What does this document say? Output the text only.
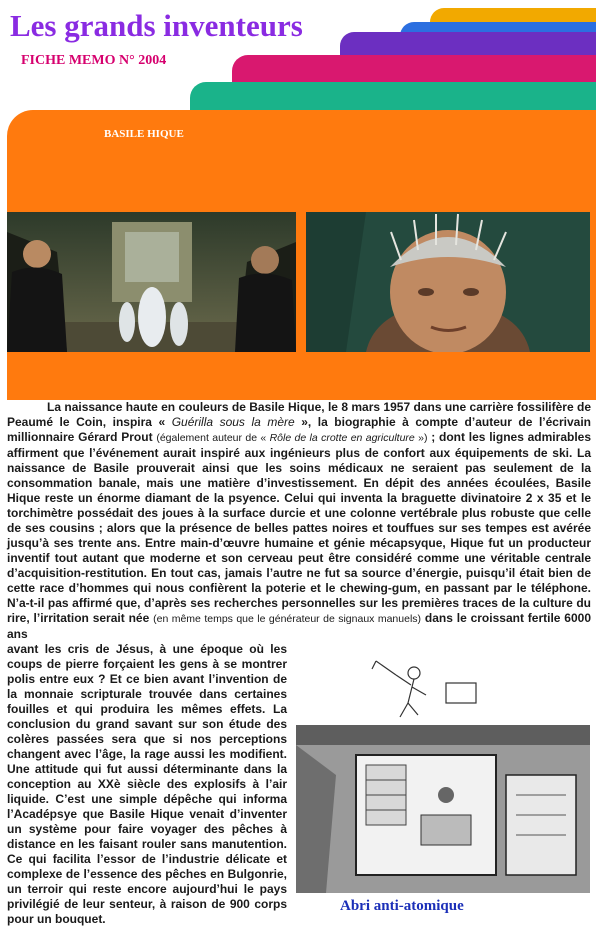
Les grands inventeurs
FICHE MEMO N° 2004
BASILE HIQUE

La naissance haute en couleurs de Basile Hique, le 8 mars 1957 dans une carrière fossilifère de Peaumé le Coin, inspira « Guérilla sous la mère », la biographie à compte d’auteur de l’écrivain millionnaire Gérard Prout (également auteur de « Rôle de la crotte en agriculture ») ; dont les lignes admirables affirment que l’événement aurait inspiré aux ingénieurs plus de confort aux équipements de ski. La naissance de Basile prouverait ainsi que les soins médicaux ne seraient pas seulement de la consommation banale, mais une matière d’investissement. En dépit des années écoulées, Basile Hique reste un énorme diamant de la psyence. Celui qui inventa la braguette divinatoire 2 x 35 et le torchimètre possédait des joues à la surface durcie et une colonne vertébrale plus robuste que celle de ses cousins ; alors que la présence de belles pattes noires et touffues sur ses tempes est avérée jusqu’à ses trente ans. Entre main-d’œuvre humaine et génie mécapsyque, Hique fut un producteur inventif tout autant que moderne et son cerveau peut être considéré comme une véritable centrale d’acquisition-restitution. En tout cas, jamais l’autre ne fut sa source d’énergie, puisqu’il était bien de cette race d’hommes qui nous confièrent la poterie et le chewing-gum, en passant par le téléphone. N’a-t-il pas affirmé que, d’après ses recherches personnelles sur les premières traces de la culture du rire, l’irritation serait née (en même temps que le générateur de signaux manuels) dans le croissant fertile 6000 ans

avant les cris de Jésus, à une époque où les coups de pierre forçaient les gens à se montrer polis entre eux ? Et ce bien avant l’invention de la monnaie scripturale trouvée dans certaines fouilles et qui produira les mêmes effets. La conclusion du grand savant sur son étude des colères passées sera que si nos perceptions changent avec l’âge, la rage aussi les modifient. Une attitude qui fut aussi déterminante dans la conception au XXè siècle des explosifs à l’air liquide. C’est une simple dépêche qui informa l’Acadépsye que Basile Hique venait d’inventer un système pour faire voyager des pêches à distance en les faisant rouler sans manutention. Ce qui facilita l’essor de l’industrie délicate et complexe de l’essence des pêches en Bulgonrie, un terroir qui reste encore aujourd’hui le pays privilégié de leur senteur, à raison de 900 corps pour un bouquet.

Abri anti-atomique
